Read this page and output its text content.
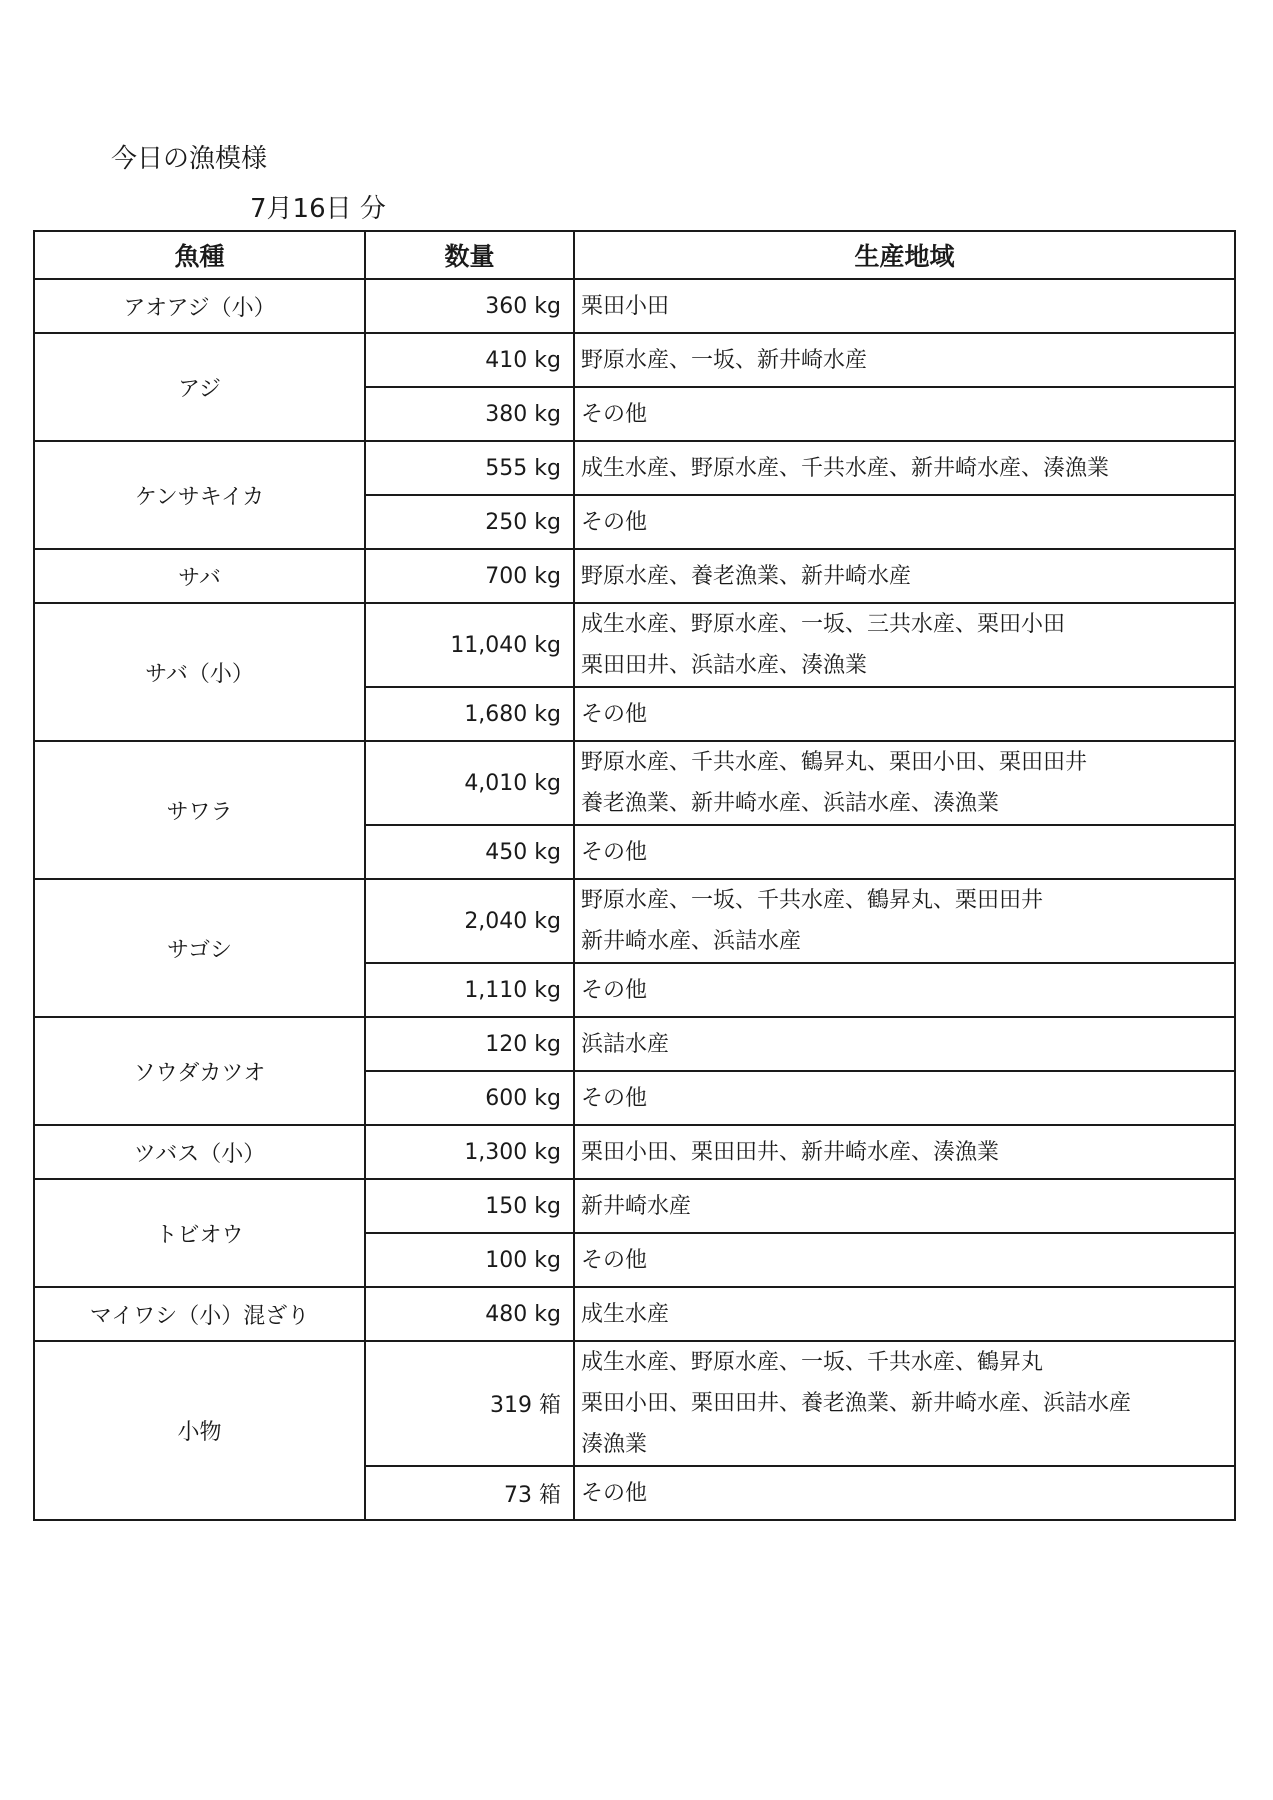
今日の漁模様
7月16日 分
魚種	数量	生産地域
アオアジ（小）	360 kg	栗田小田

アジ	410 kg	野原水産、一坂、新井崎水産

	380 kg	その他

ケンサキイカ	555 kg	成生水産、野原水産、千共水産、新井崎水産、湊漁業

	250 kg	その他

サバ	700 kg	野原水産、養老漁業、新井崎水産

サバ（小）	11,040 kg	成生水産、野原水産、一坂、三共水産、栗田小田
栗田田井、浜詰水産、湊漁業

	1,680 kg	その他

サワラ	4,010 kg	野原水産、千共水産、鶴昇丸、栗田小田、栗田田井
養老漁業、新井崎水産、浜詰水産、湊漁業

	450 kg	その他

サゴシ	2,040 kg	野原水産、一坂、千共水産、鶴昇丸、栗田田井
新井崎水産、浜詰水産

	1,110 kg	その他

ソウダカツオ	120 kg	浜詰水産

	600 kg	その他

ツバス（小）	1,300 kg	栗田小田、栗田田井、新井崎水産、湊漁業

トビオウ	150 kg	新井崎水産

	100 kg	その他

マイワシ（小）混ざり	480 kg	成生水産

小物	319 箱	成生水産、野原水産、一坂、千共水産、鶴昇丸
栗田小田、栗田田井、養老漁業、新井崎水産、浜詰水産
湊漁業

	73 箱	その他
